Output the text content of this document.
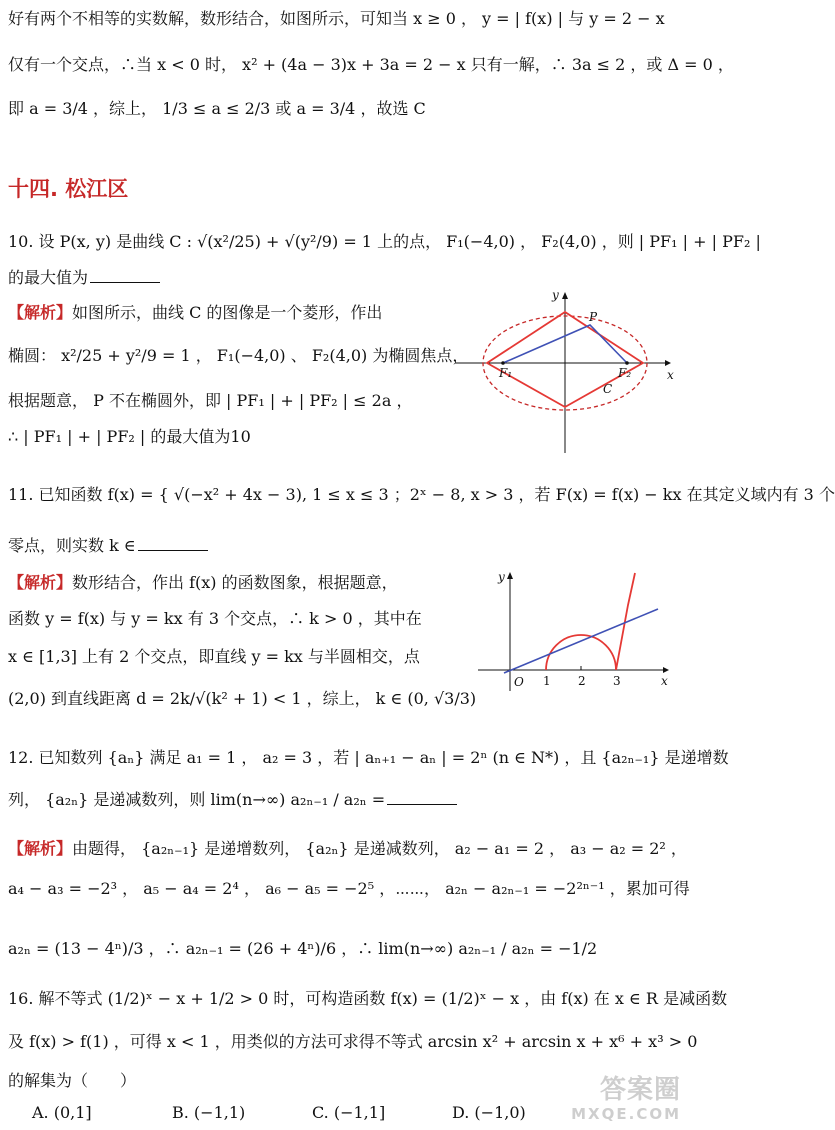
好有两个不相等的实数解，数形结合，如图所示，可知当 x ≥ 0 ， y = | f(x) | 与 y = 2 − x
仅有一个交点，∴当 x < 0 时， x² + (4a − 3)x + 3a = 2 − x 只有一解，∴ 3a ≤ 2 ，或 Δ = 0 ，
即 a = 3/4 ，综上， 1/3 ≤ a ≤ 2/3 或 a = 3/4 ，故选 C
十四. 松江区
10. 设 P(x, y) 是曲线 C : √(x²/25) + √(y²/9) = 1 上的点， F₁(−4,0) ， F₂(4,0) ，则 | PF₁ | + | PF₂ |
的最大值为
【解析】如图所示，曲线 C 的图像是一个菱形，作出
椭圆： x²/25 + y²/9 = 1 ， F₁(−4,0) 、 F₂(4,0) 为椭圆焦点，
根据题意， P 不在椭圆外，即 | PF₁ | + | PF₂ | ≤ 2a ，
∴ | PF₁ | + | PF₂ | 的最大值为10
y
x
P
F₁	F₂
C
11. 已知函数 f(x) = { √(−x² + 4x − 3), 1 ≤ x ≤ 3 ；2ˣ − 8, x > 3 ，若 F(x) = f(x) − kx 在其定义域内有 3 个
零点，则实数 k ∈
【解析】数形结合，作出 f(x) 的函数图象，根据题意，
函数 y = f(x) 与 y = kx 有 3 个交点，∴ k > 0 ，其中在
x ∈ [1,3] 上有 2 个交点，即直线 y = kx 与半圆相交，点
(2,0) 到直线距离 d = 2k/√(k² + 1) < 1 ，综上， k ∈ (0, √3/3)
y
x
O 1 2 3
12. 已知数列 {aₙ} 满足 a₁ = 1 ， a₂ = 3 ，若 | aₙ₊₁ − aₙ | = 2ⁿ (n ∈ N*) ，且 {a₂ₙ₋₁} 是递增数
列， {a₂ₙ} 是递减数列，则 lim(n→∞) a₂ₙ₋₁ / a₂ₙ =
【解析】由题得， {a₂ₙ₋₁} 是递增数列， {a₂ₙ} 是递减数列， a₂ − a₁ = 2 ， a₃ − a₂ = 2² ，
a₄ − a₃ = −2³ ， a₅ − a₄ = 2⁴ ， a₆ − a₅ = −2⁵ ，⋯⋯， a₂ₙ − a₂ₙ₋₁ = −2²ⁿ⁻¹ ，累加可得
a₂ₙ = (13 − 4ⁿ)/3 ，∴ a₂ₙ₋₁ = (26 + 4ⁿ)/6 ，∴ lim(n→∞) a₂ₙ₋₁ / a₂ₙ = −1/2
16. 解不等式 (1/2)ˣ − x + 1/2 > 0 时，可构造函数 f(x) = (1/2)ˣ − x ，由 f(x) 在 x ∈ R 是减函数
及 f(x) > f(1) ，可得 x < 1 ，用类似的方法可求得不等式 arcsin x² + arcsin x + x⁶ + x³ > 0
的解集为（　　）
A. (0,1]	B. (−1,1)	C. (−1,1]	D. (−1,0)
答案圈
MXQE.COM
